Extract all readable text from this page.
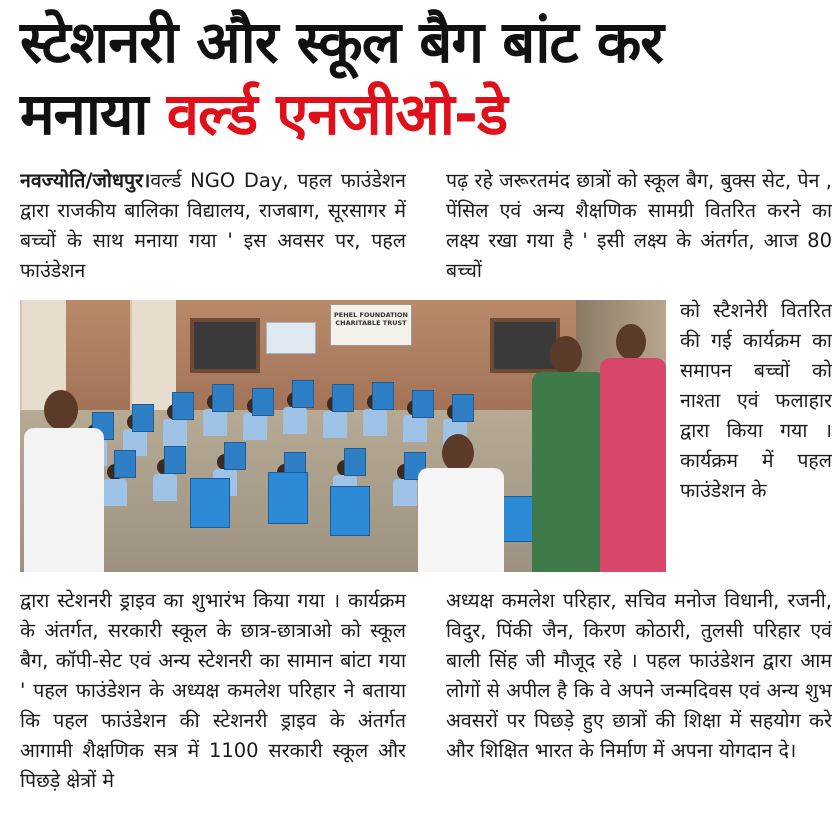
स्टेशनरी और स्कूल बैग बांट कर
मनाया वर्ल्ड एनजीओ-डे

नवज्योति/जोधपुर।वर्ल्ड NGO Day, पहल फाउंडेशन द्वारा राजकीय बालिका विद्यालय, राजबाग, सूरसागर में बच्चों के साथ मनाया गया ' इस अवसर पर, पहल फाउंडेशन

पढ़ रहे जरूरतमंद छात्रों को स्कूल बैग, बुक्स सेट, पेन , पेंसिल एवं अन्य शैक्षणिक सामग्री वितरित करने का लक्ष्य रखा गया है ' इसी लक्ष्य के अंतर्गत, आज 80 बच्चों

PEHEL FOUNDATION
CHARITABLE TRUST

को स्टैशनेरी वितरित की गई कार्यक्रम का समापन बच्चों को नाश्ता एवं फलाहार द्वारा किया गया । कार्यक्रम में पहल फाउंडेशन के

द्वारा स्टेशनरी ड्राइव का शुभारंभ किया गया । कार्यक्रम के अंतर्गत, सरकारी स्कूल के छात्र-छात्राओ को स्कूल बैग, कॉपी-सेट एवं अन्य स्टेशनरी का सामान बांटा गया ' पहल फाउंडेशन के अध्यक्ष कमलेश परिहार ने बताया कि पहल फाउंडेशन की स्टेशनरी ड्राइव के अंतर्गत आगामी शैक्षणिक सत्र में 1100 सरकारी स्कूल और पिछड़े क्षेत्रों मे

अध्यक्ष कमलेश परिहार, सचिव मनोज विधानी, रजनी, विदुर, पिंकी जैन, किरण कोठारी, तुलसी परिहार एवं बाली सिंह जी मौजूद रहे । पहल फाउंडेशन द्वारा आम लोगों से अपील है कि वे अपने जन्मदिवस एवं अन्य शुभ अवसरों पर पिछड़े हुए छात्रों की शिक्षा में सहयोग करे और शिक्षित भारत के निर्माण में अपना योगदान दे।
